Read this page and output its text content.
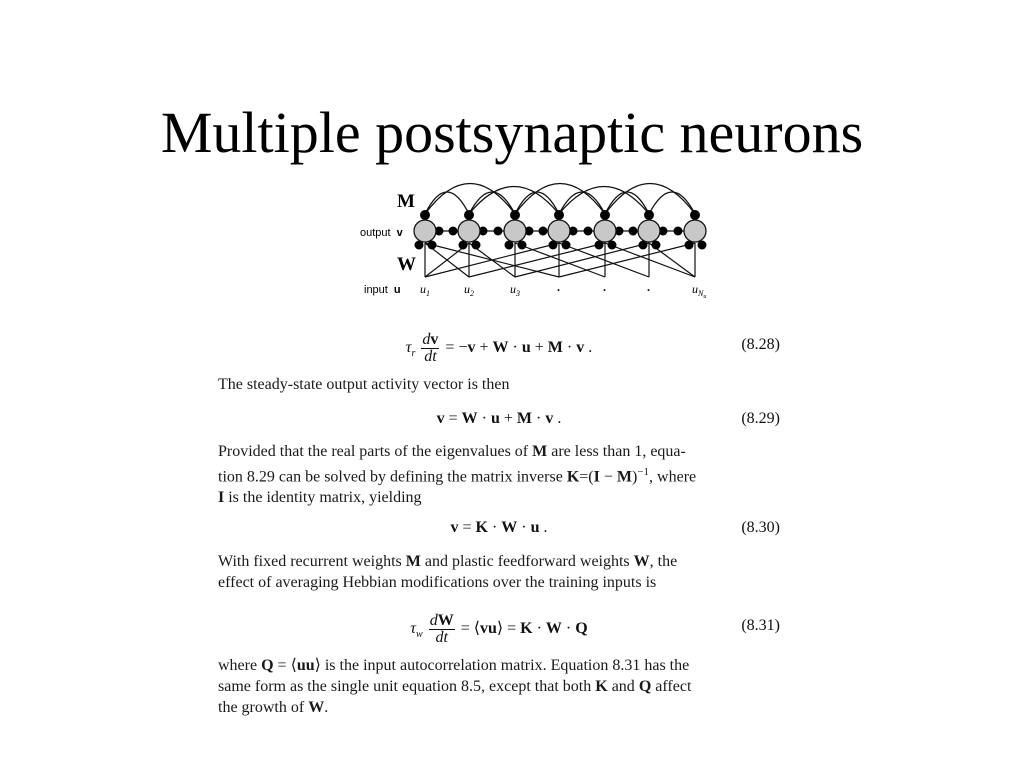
Multiple postsynaptic neurons
M
W
output v
input u $u_1$	$u_2$	$u_3$	.	.	.	$u_Nu$
$\tau_r \frac{dv}{dt} = -v + W \cdot u + M \cdot v$ .	(8.28)
The steady-state output activity vector is then
v = W · u + M · v .	(8.29)
Provided that the real parts of the eigenvalues of M are less than 1, equa-
tion 8.29 can be solved by defining the matrix inverse $K=(I - M)^{-1}$, where
I is the identity matrix, yielding
v = K · W · u .	(8.30)
With fixed recurrent weights M and plastic feedforward weights W, the
effect of averaging Hebbian modifications over the training inputs is
$\tau_w \frac{dW}{dt}$ = ⟨vu⟩ = K · W · Q	(8.31)
where Q = ⟨uu⟩ is the input autocorrelation matrix. Equation 8.31 has the
same form as the single unit equation 8.5, except that both K and Q affect
the growth of W.
